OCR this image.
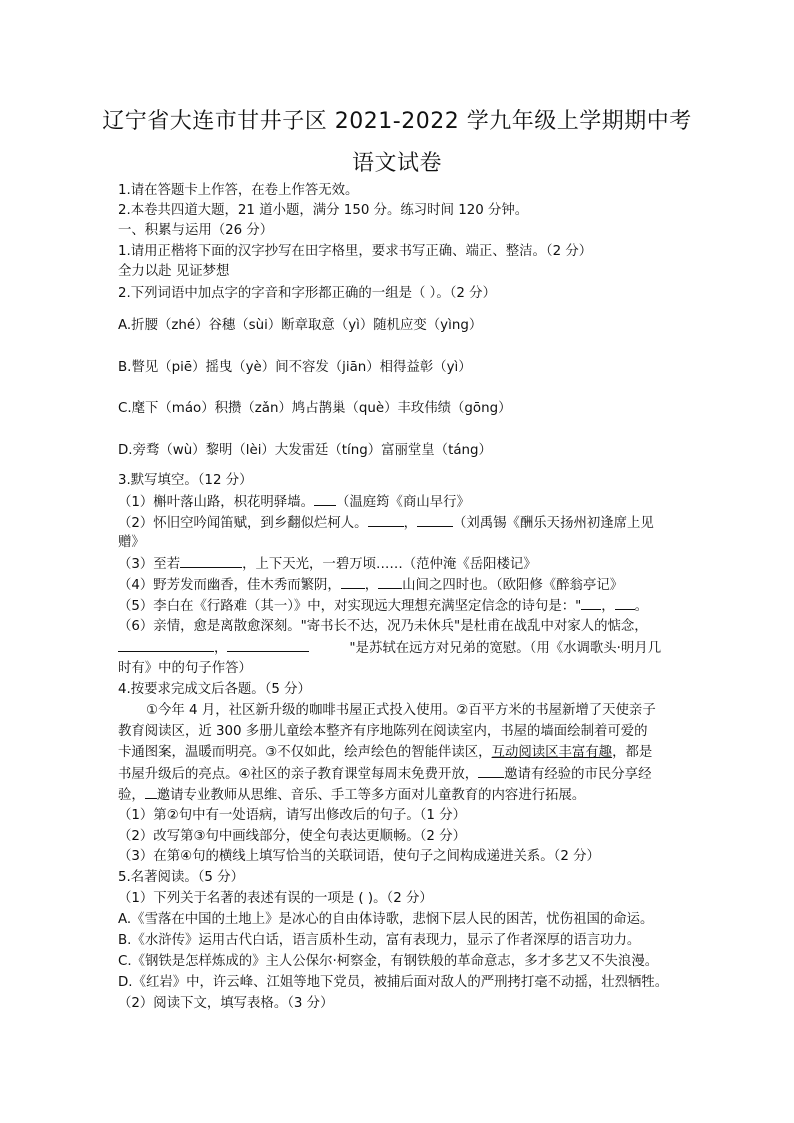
辽宁省大连市甘井子区 2021-2022 学九年级上学期期中考
语文试卷
1.请在答题卡上作答，在卷上作答无效。
2.本卷共四道大题，21 道小题，满分 150 分。练习时间 120 分钟。
一、积累与运用（26 分）
1.请用正楷将下面的汉字抄写在田字格里，要求书写正确、端正、整洁。（2 分）
全力以赴 见证梦想
2.下列词语中加点字的字音和字形都正确的一组是（ ）。（2 分）
A.折腰（zhé）谷穗（sùi）断章取意（yì）随机应变（yìng）
B.瞥见（piē）摇曳（yè）间不容发（jiān）相得益彰（yì）
C.麾下（máo）积攒（zǎn）鸠占鹊巢（què）丰玫伟绩（gōng）
D.旁骛（wù）黎明（lèi）大发雷廷（tíng）富丽堂皇（táng）
3.默写填空。（12 分）
（1）槲叶落山路，枳花明驿墙。 （温庭筠《商山早行》
（2）怀旧空吟闻笛赋，到乡翻似烂柯人。	，	（刘禹锡《酬乐天扬州初逢席上见
赠》
（3）至若	，上下天光，一碧万顷……（范仲淹《岳阳楼记》
（4）野芳发而幽香，佳木秀而繁阴， ， 山间之四时也。（欧阳修《醉翁亭记》
（5）李白在《行路难（其一）》中，对实现远大理想充满坚定信念的诗句是：" ， 。
（6）亲情，愈是离散愈深刻。"寄书长不达，况乃未休兵"是杜甫在战乱中对家人的惦念，
，	"是苏轼在远方对兄弟的宽慰。（用《水调歌头·明月几
时有》中的句子作答）
4.按要求完成文后各题。（5 分）
①今年 4 月，社区新升级的咖啡书屋正式投入使用。②百平方米的书屋新增了天使亲子
教育阅读区，近 300 多册儿童绘本整齐有序地陈列在阅读室内，书屋的墙面绘制着可爱的
卡通图案，温暖而明亮。③不仅如此，绘声绘色的智能伴读区，互动阅读区丰富有趣，都是
书屋升级后的亮点。④社区的亲子教育课堂每周末免费开放， 邀请有经验的市民分享经
验， 邀请专业教师从思维、音乐、手工等多方面对儿童教育的内容进行拓展。
（1）第②句中有一处语病，请写出修改后的句子。（1 分）
（2）改写第③句中画线部分，使全句表达更顺畅。（2 分）
（3）在第④句的横线上填写恰当的关联词语，使句子之间构成递进关系。（2 分）
5.名著阅读。（5 分）
（1）下列关于名著的表述有误的一项是 ( )。（2 分）
A.《雪落在中国的土地上》是冰心的自由体诗歌，悲悯下层人民的困苦，忧伤祖国的命运。
B.《水浒传》运用古代白话，语言质朴生动，富有表现力，显示了作者深厚的语言功力。
C.《钢铁是怎样炼成的》主人公保尔·柯察金，有钢铁般的革命意志，多才多艺又不失浪漫。
D.《红岩》中，许云峰、江姐等地下党员，被捕后面对敌人的严刑拷打毫不动摇，壮烈牺牲。
（2）阅读下文，填写表格。（3 分）
